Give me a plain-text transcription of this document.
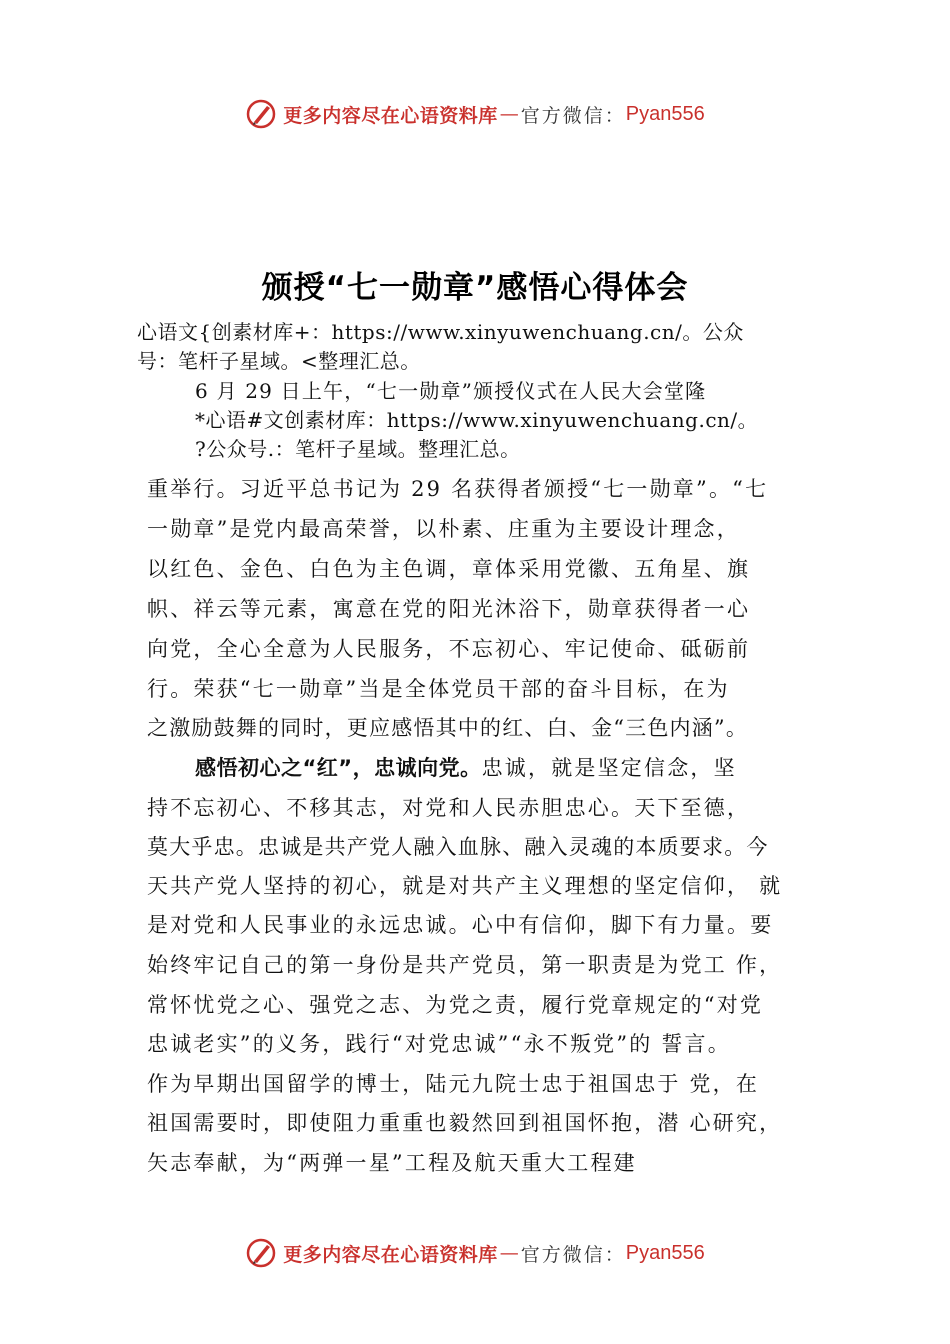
更多内容尽在心语资料库 — 官方微信： Pyan556
颁授“七一勋章”感悟心得体会
心语文{创素材库+：https://www.xinyuwenchuang.cn/。公众
号：笔杆子星域。<整理汇总。
6 月 29 日上午，“七一勋章”颁授仪式在人民大会堂隆
*心语#文创素材库：https://www.xinyuwenchuang.cn/。
?公众号.：笔杆子星域。整理汇总。
重举行。习近平总书记为 29 名获得者颁授“七一勋章”。“七
一勋章”是党内最高荣誉，以朴素、庄重为主要设计理念，
以红色、金色、白色为主色调，章体采用党徽、五角星、旗
帜、祥云等元素，寓意在党的阳光沐浴下，勋章获得者一心
向党，全心全意为人民服务，不忘初心、牢记使命、砥砺前
行。荣获“七一勋章”当是全体党员干部的奋斗目标，在为
之激励鼓舞的同时，更应感悟其中的红、白、金“三色内涵”。
感悟初心之“红”，忠诚向党。忠诚，就是坚定信念，坚
持不忘初心、不移其志，对党和人民赤胆忠心。天下至德，
莫大乎忠。忠诚是共产党人融入血脉、融入灵魂的本质要求。今
天共产党人坚持的初心，就是对共产主义理想的坚定信仰， 就
是对党和人民事业的永远忠诚。心中有信仰，脚下有力量。要
始终牢记自己的第一身份是共产党员，第一职责是为党工 作，
常怀忧党之心、强党之志、为党之责，履行党章规定的“对党
忠诚老实”的义务，践行“对党忠诚”“永不叛党”的 誓言。
作为早期出国留学的博士，陆元九院士忠于祖国忠于 党，在
祖国需要时，即使阻力重重也毅然回到祖国怀抱，潜 心研究，
矢志奉献，为“两弹一星”工程及航天重大工程建
更多内容尽在心语资料库 — 官方微信： Pyan556
